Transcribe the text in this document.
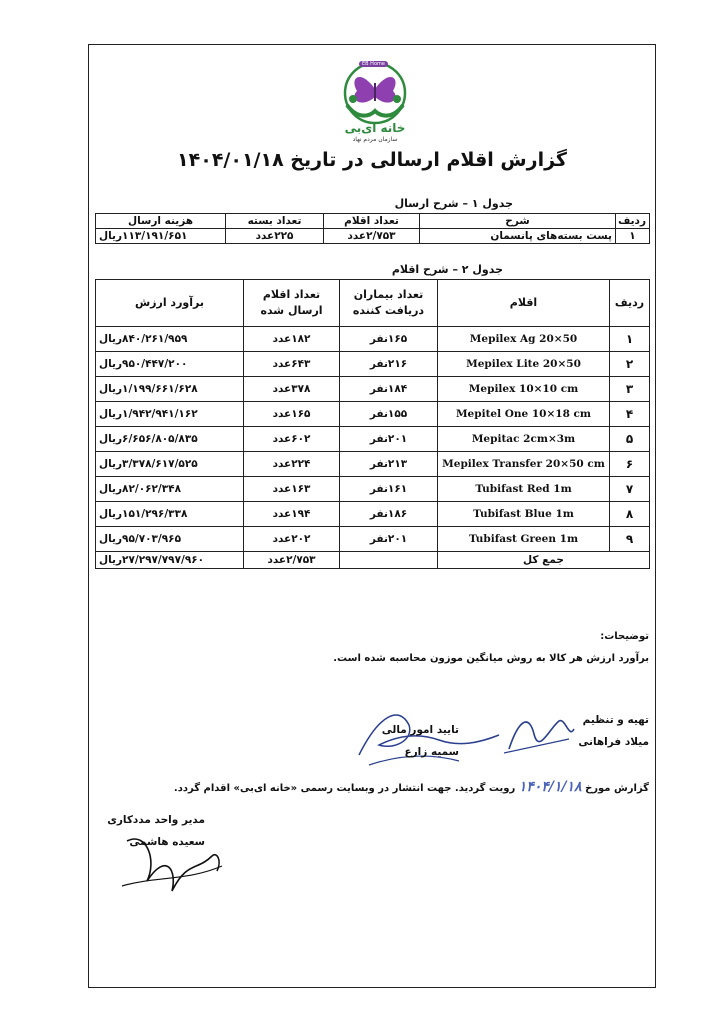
EB Home
خانه ای‌بی
سازمان مردم نهاد
گزارش اقلام ارسالی در تاریخ ۱۴۰۴/۰۱/۱۸
جدول ۱ – شرح ارسال
ردیف	شرح	تعداد اقلام	تعداد بسته	هزینه ارسال
۱	پست بسته‌های پانسمان	۲/۷۵۳عدد	۲۲۵عدد	۱۱۳/۱۹۱/۶۵۱ریال
جدول ۲ – شرح اقلام
ردیف	اقلام	تعداد بیماران دریافت کننده	تعداد اقلام ارسال شده	برآورد ارزش
۱	Mepilex Ag 20×50	۱۶۵نفر	۱۸۲عدد	۸۴۰/۲۶۱/۹۵۹ریال
۲	Mepilex Lite 20×50	۲۱۶نفر	۶۴۳عدد	۹۵۰/۴۴۷/۲۰۰ریال
۳	Mepilex 10×10 cm	۱۸۴نفر	۳۷۸عدد	۱/۱۹۹/۶۶۱/۶۲۸ریال
۴	Mepitel One 10×18 cm	۱۵۵نفر	۱۶۵عدد	۱/۹۴۲/۹۴۱/۱۶۲ریال
۵	Mepitac 2cm×3m	۲۰۱نفر	۶۰۲عدد	۶/۶۵۶/۸۰۵/۸۳۵ریال
۶	Mepilex Transfer 20×50 cm	۲۱۳نفر	۲۲۴عدد	۳/۳۷۸/۶۱۷/۵۲۵ریال
۷	Tubifast Red 1m	۱۶۱نفر	۱۶۳عدد	۸۲/۰۶۲/۳۴۸ریال
۸	Tubifast Blue 1m	۱۸۶نفر	۱۹۴عدد	۱۵۱/۲۹۶/۳۳۸ریال
۹	Tubifast Green 1m	۲۰۱نفر	۲۰۲عدد	۹۵/۷۰۳/۹۶۵ریال
جمع کل			۲/۷۵۳عدد	۲۷/۲۹۷/۷۹۷/۹۶۰ریال
توضیحات:
برآورد ارزش هر کالا به روش میانگین موزون محاسبه شده است.
تهیه و تنظیم
میلاد فراهانی
تایید امور مالی
سمیه زارع
گزارش مورخ ۱۴۰۴/۱/۱۸ رویت گردید. جهت انتشار در وبسایت رسمی «خانه ای‌بی» اقدام گردد.
مدیر واحد مددکاری
سعیده هاشمی
